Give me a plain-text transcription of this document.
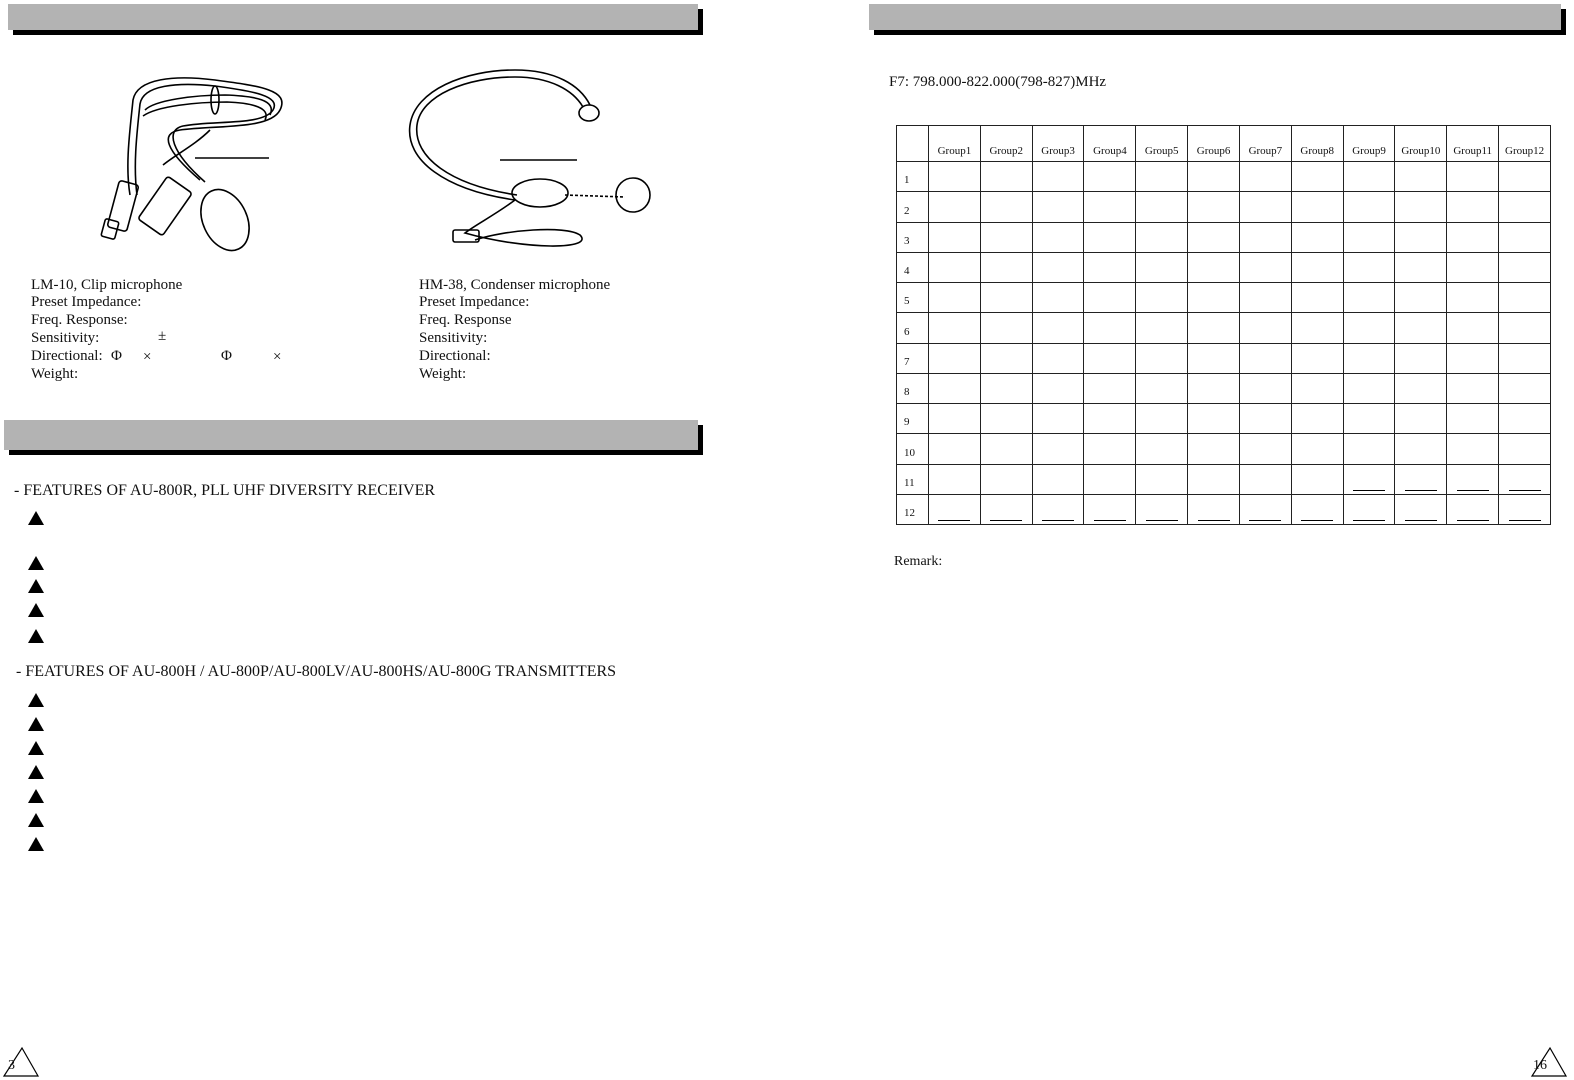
LM-10, Clip microphone
Preset Impedance:
Freq. Response:
Sensitivity:	±
Directional: Φ ×	Φ	×
Weight:
HM-38, Condenser microphone
Preset Impedance:
Freq. Response
Sensitivity:
Directional:
Weight:
- FEATURES OF AU-800R, PLL UHF DIVERSITY RECEIVER
- FEATURES OF AU-800H / AU-800P/AU-800LV/AU-800HS/AU-800G TRANSMITTERS
3
F7: 798.000-822.000(798-827)MHz
	Group1	Group2	Group3	Group4	Group5	Group6	Group7	Group8	Group9	Group10	Group11	Group12
1												
2												
3												
4												
5												
6												
7												
8												
9												
10												
11									

12	

Remark:
16
